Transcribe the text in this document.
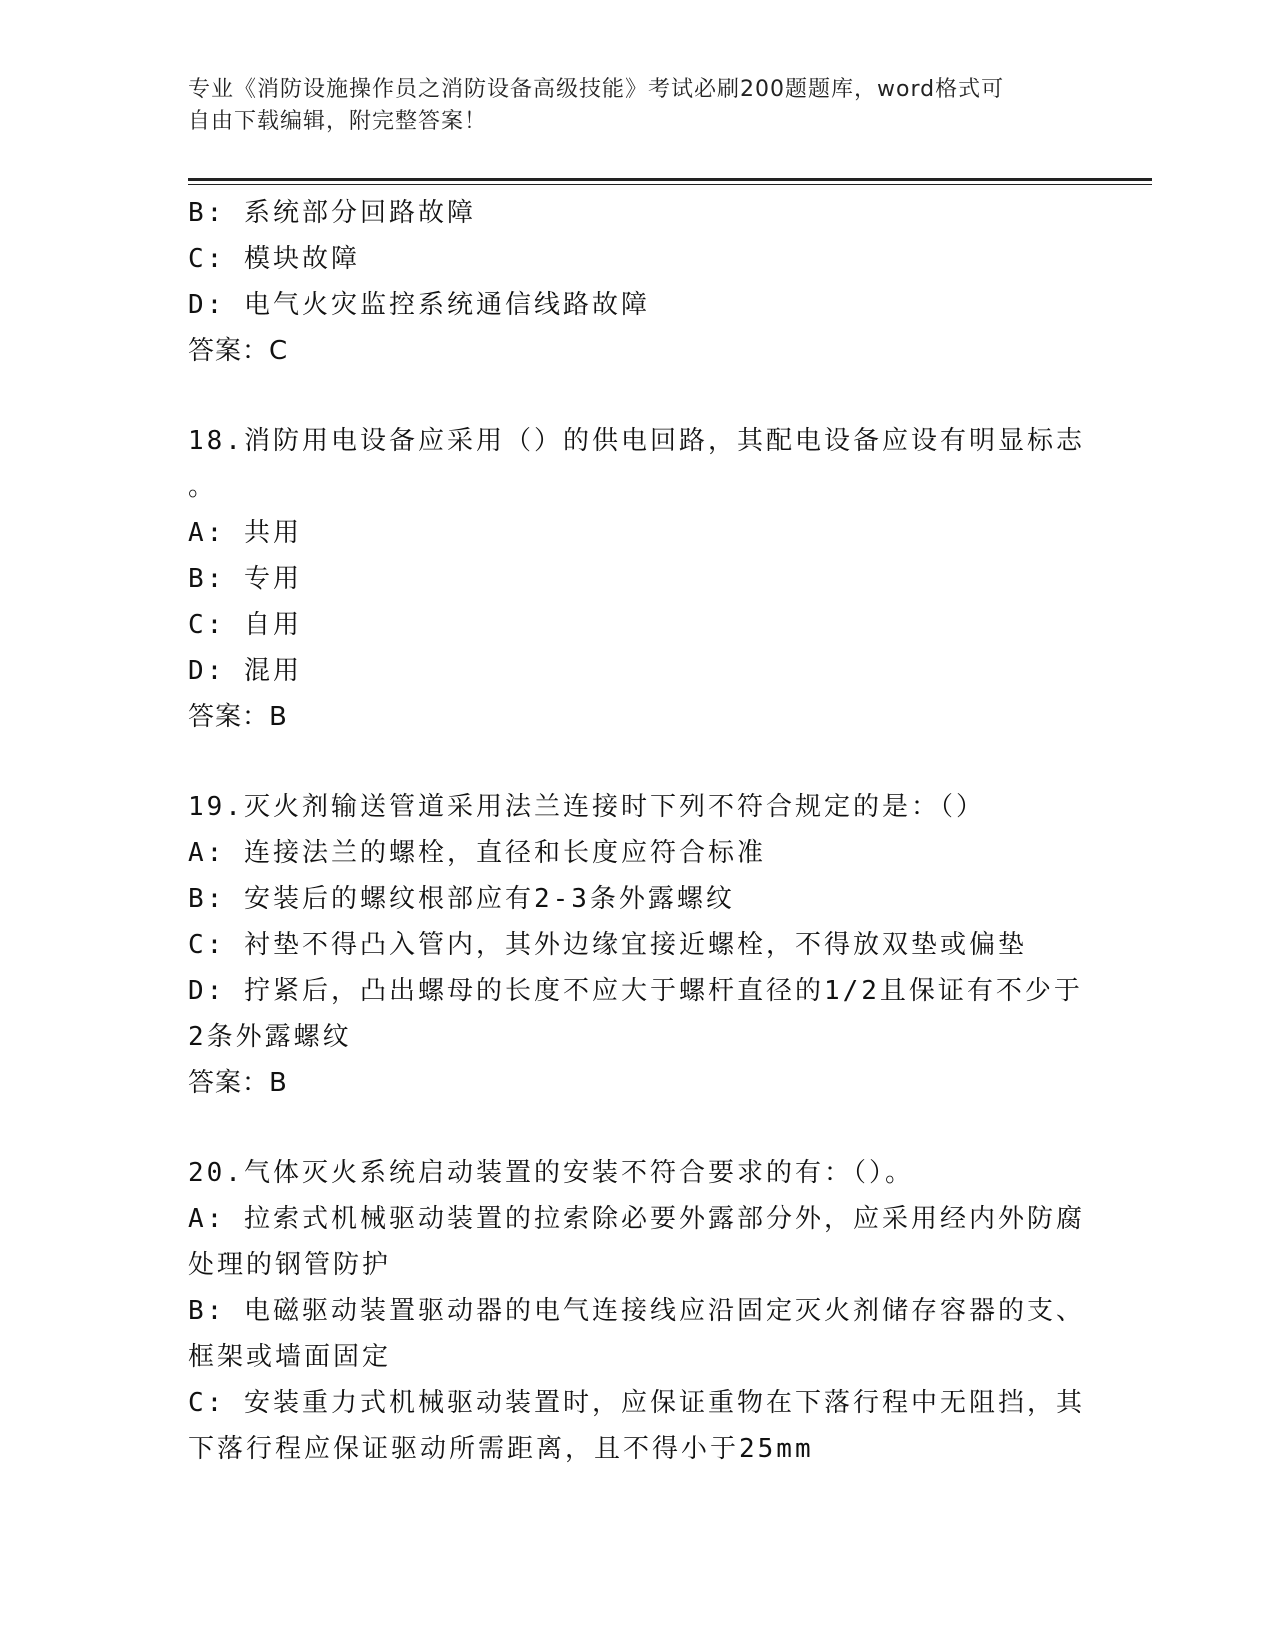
专业《消防设施操作员之消防设备高级技能》考试必刷200题题库，word格式可
自由下载编辑，附完整答案！
B: 系统部分回路故障
C: 模块故障
D: 电气火灾监控系统通信线路故障
答案：C
18.消防用电设备应采用（）的供电回路，其配电设备应设有明显标志
。
A: 共用
B: 专用
C: 自用
D: 混用
答案：B
19.灭火剂输送管道采用法兰连接时下列不符合规定的是：（）
A: 连接法兰的螺栓，直径和长度应符合标准
B: 安装后的螺纹根部应有2-3条外露螺纹
C: 衬垫不得凸入管内，其外边缘宜接近螺栓，不得放双垫或偏垫
D: 拧紧后，凸出螺母的长度不应大于螺杆直径的1/2且保证有不少于
2条外露螺纹
答案：B
20.气体灭火系统启动装置的安装不符合要求的有：（）。
A: 拉索式机械驱动装置的拉索除必要外露部分外，应采用经内外防腐
处理的钢管防护
B: 电磁驱动装置驱动器的电气连接线应沿固定灭火剂储存容器的支、
框架或墙面固定
C: 安装重力式机械驱动装置时，应保证重物在下落行程中无阻挡，其
下落行程应保证驱动所需距离，且不得小于25mm
